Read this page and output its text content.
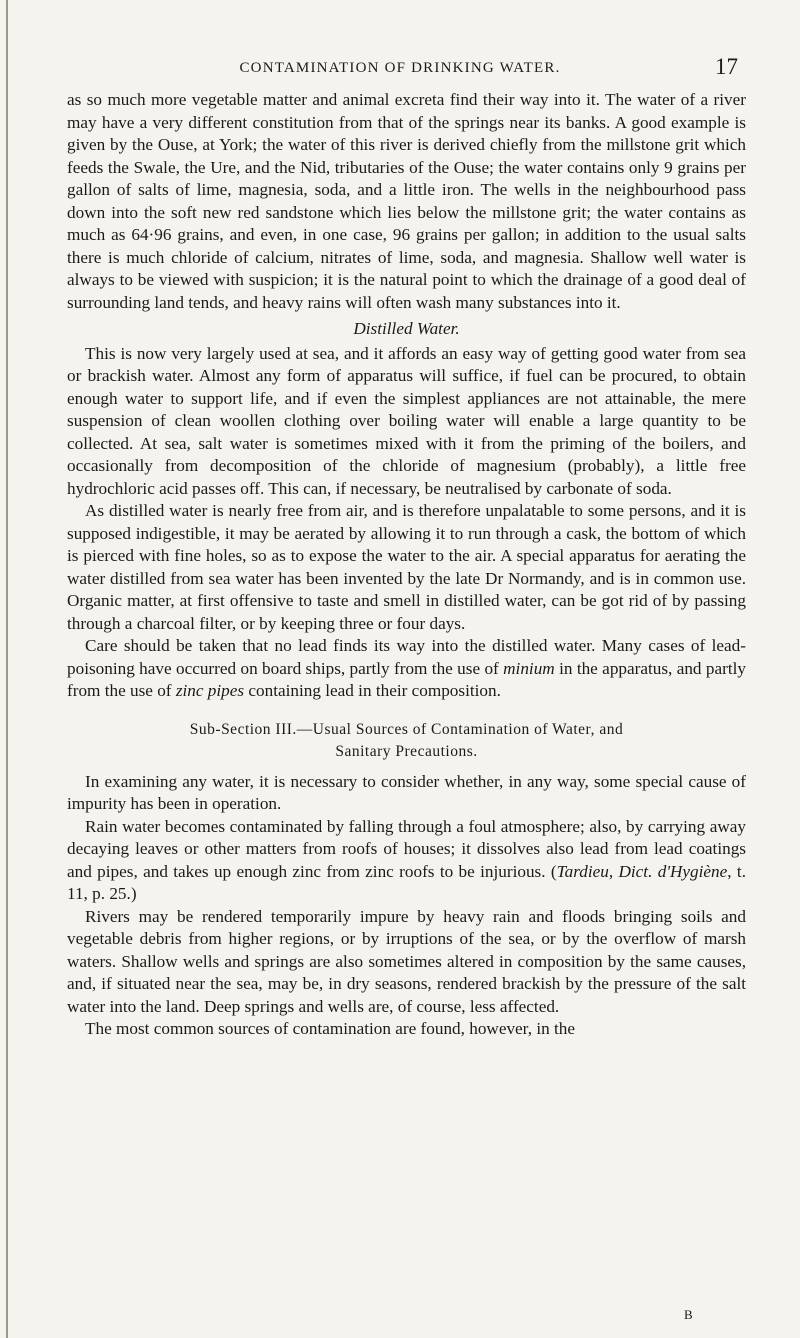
CONTAMINATION OF DRINKING WATER.	17

as so much more vegetable matter and animal excreta find their way into it. The water of a river may have a very different constitution from that of the springs near its banks. A good example is given by the Ouse, at York; the water of this river is derived chiefly from the millstone grit which feeds the Swale, the Ure, and the Nid, tributaries of the Ouse; the water contains only 9 grains per gallon of salts of lime, magnesia, soda, and a little iron. The wells in the neighbourhood pass down into the soft new red sandstone which lies below the millstone grit; the water contains as much as 64·96 grains, and even, in one case, 96 grains per gallon; in addition to the usual salts there is much chloride of calcium, nitrates of lime, soda, and magnesia. Shallow well water is always to be viewed with suspicion; it is the natural point to which the drainage of a good deal of surrounding land tends, and heavy rains will often wash many substances into it.

Distilled Water.

This is now very largely used at sea, and it affords an easy way of getting good water from sea or brackish water. Almost any form of apparatus will suffice, if fuel can be procured, to obtain enough water to support life, and if even the simplest appliances are not attainable, the mere suspension of clean woollen clothing over boiling water will enable a large quantity to be collected. At sea, salt water is sometimes mixed with it from the priming of the boilers, and occasionally from decomposition of the chloride of magnesium (probably), a little free hydrochloric acid passes off. This can, if necessary, be neutralised by carbonate of soda.

As distilled water is nearly free from air, and is therefore unpalatable to some persons, and it is supposed indigestible, it may be aerated by allowing it to run through a cask, the bottom of which is pierced with fine holes, so as to expose the water to the air. A special apparatus for aerating the water distilled from sea water has been invented by the late Dr Normandy, and is in common use. Organic matter, at first offensive to taste and smell in distilled water, can be got rid of by passing through a charcoal filter, or by keeping three or four days.

Care should be taken that no lead finds its way into the distilled water. Many cases of lead-poisoning have occurred on board ships, partly from the use of minium in the apparatus, and partly from the use of zinc pipes containing lead in their composition.

Sub-Section III.—Usual Sources of Contamination of Water, and
Sanitary Precautions.

In examining any water, it is necessary to consider whether, in any way, some special cause of impurity has been in operation.

Rain water becomes contaminated by falling through a foul atmosphere; also, by carrying away decaying leaves or other matters from roofs of houses; it dissolves also lead from lead coatings and pipes, and takes up enough zinc from zinc roofs to be injurious. (Tardieu, Dict. d'Hygiène, t. 11, p. 25.)

Rivers may be rendered temporarily impure by heavy rain and floods bringing soils and vegetable debris from higher regions, or by irruptions of the sea, or by the overflow of marsh waters. Shallow wells and springs are also sometimes altered in composition by the same causes, and, if situated near the sea, may be, in dry seasons, rendered brackish by the pressure of the salt water into the land. Deep springs and wells are, of course, less affected.

The most common sources of contamination are found, however, in the

B
